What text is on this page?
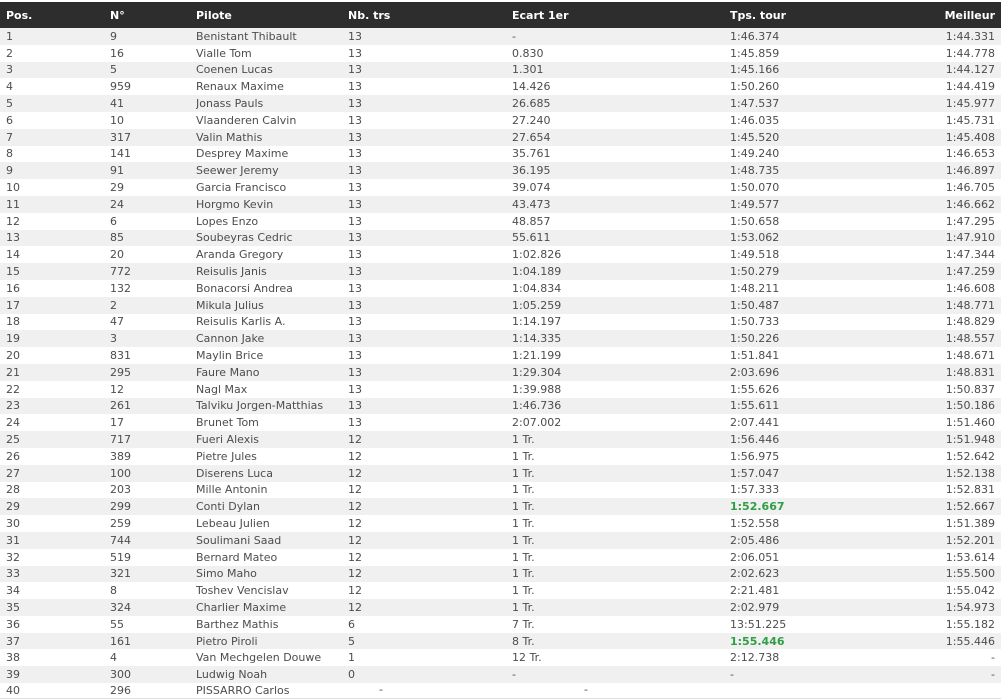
Pos.	N°	Pilote	Nb. trs	Ecart 1er	Tps. tour	Meilleur
1	9	Benistant Thibault	13	-	1:46.374	1:44.331
2	16	Vialle Tom	13	0.830	1:45.859	1:44.778
3	5	Coenen Lucas	13	1.301	1:45.166	1:44.127
4	959	Renaux Maxime	13	14.426	1:50.260	1:44.419
5	41	Jonass Pauls	13	26.685	1:47.537	1:45.977
6	10	Vlaanderen Calvin	13	27.240	1:46.035	1:45.731
7	317	Valin Mathis	13	27.654	1:45.520	1:45.408
8	141	Desprey Maxime	13	35.761	1:49.240	1:46.653
9	91	Seewer Jeremy	13	36.195	1:48.735	1:46.897
10	29	Garcia Francisco	13	39.074	1:50.070	1:46.705
11	24	Horgmo Kevin	13	43.473	1:49.577	1:46.662
12	6	Lopes Enzo	13	48.857	1:50.658	1:47.295
13	85	Soubeyras Cedric	13	55.611	1:53.062	1:47.910
14	20	Aranda Gregory	13	1:02.826	1:49.518	1:47.344
15	772	Reisulis Janis	13	1:04.189	1:50.279	1:47.259
16	132	Bonacorsi Andrea	13	1:04.834	1:48.211	1:46.608
17	2	Mikula Julius	13	1:05.259	1:50.487	1:48.771
18	47	Reisulis Karlis A.	13	1:14.197	1:50.733	1:48.829
19	3	Cannon Jake	13	1:14.335	1:50.226	1:48.557
20	831	Maylin Brice	13	1:21.199	1:51.841	1:48.671
21	295	Faure Mano	13	1:29.304	2:03.696	1:48.831
22	12	Nagl Max	13	1:39.988	1:55.626	1:50.837
23	261	Talviku Jorgen-Matthias	13	1:46.736	1:55.611	1:50.186
24	17	Brunet Tom	13	2:07.002	2:07.441	1:51.460
25	717	Fueri Alexis	12	1 Tr.	1:56.446	1:51.948
26	389	Pietre Jules	12	1 Tr.	1:56.975	1:52.642
27	100	Diserens Luca	12	1 Tr.	1:57.047	1:52.138
28	203	Mille Antonin	12	1 Tr.	1:57.333	1:52.831
29	299	Conti Dylan	12	1 Tr.	1:52.667	1:52.667
30	259	Lebeau Julien	12	1 Tr.	1:52.558	1:51.389
31	744	Soulimani Saad	12	1 Tr.	2:05.486	1:52.201
32	519	Bernard Mateo	12	1 Tr.	2:06.051	1:53.614
33	321	Simo Maho	12	1 Tr.	2:02.623	1:55.500
34	8	Toshev Vencislav	12	1 Tr.	2:21.481	1:55.042
35	324	Charlier Maxime	12	1 Tr.	2:02.979	1:54.973
36	55	Barthez Mathis	6	7 Tr.	13:51.225	1:55.182
37	161	Pietro Piroli	5	8 Tr.	1:55.446	1:55.446
38	4	Van Mechgelen Douwe	1	12 Tr.	2:12.738	-
39	300	Ludwig Noah	0	-	-	-
40	296	PISSARRO Carlos	-	-
